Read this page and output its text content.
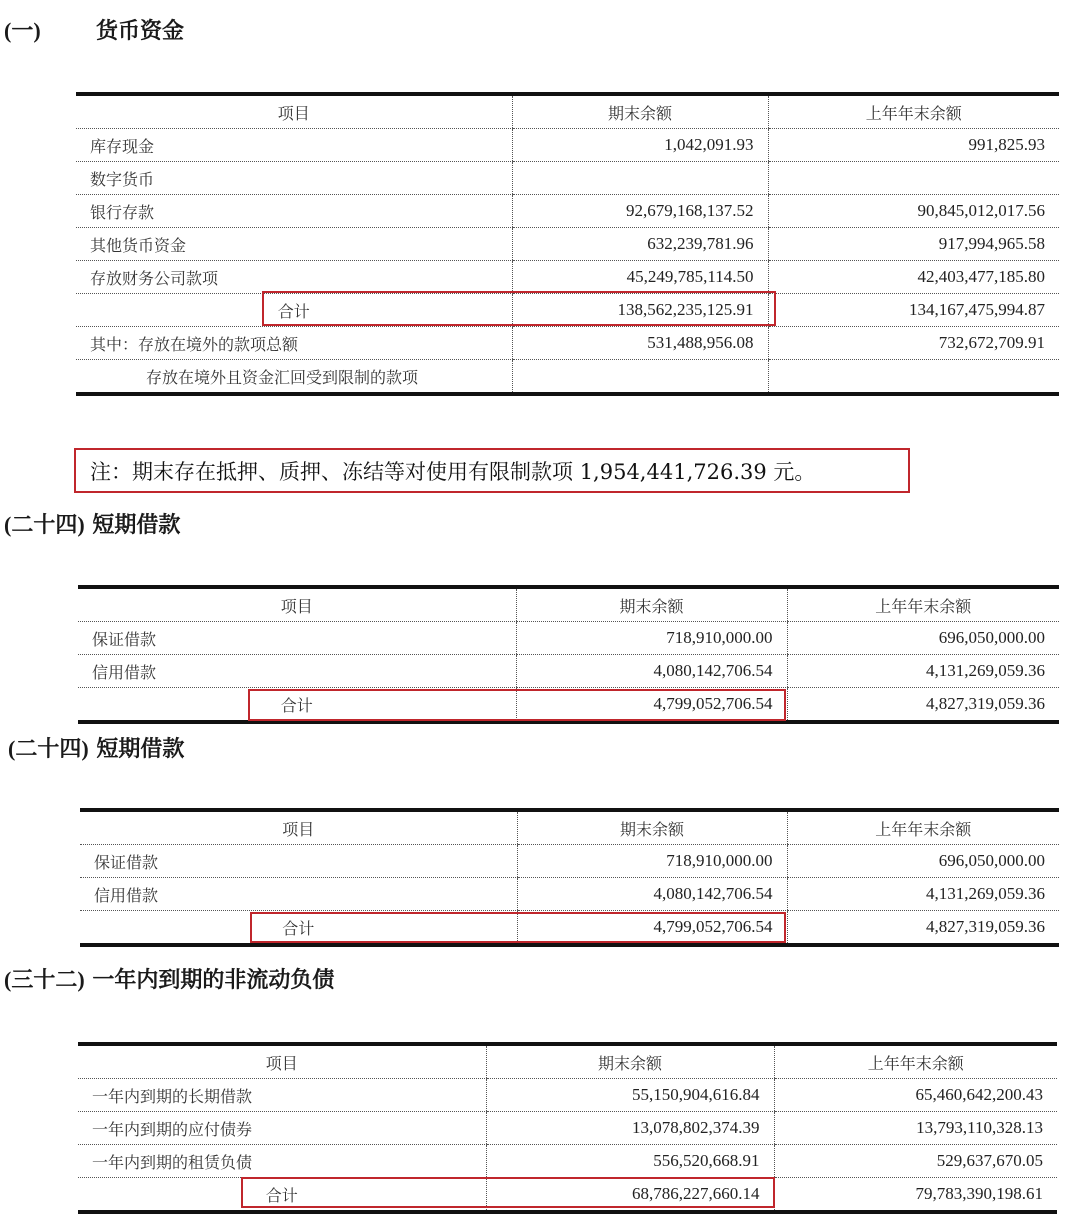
(一)	货币资金
项目	期末余额	上年年末余额
库存现金	1,042,091.93	991,825.93
数字货币		
银行存款	92,679,168,137.52	90,845,012,017.56
其他货币资金	632,239,781.96	917,994,965.58
存放财务公司款项	45,249,785,114.50	42,403,477,185.80
合计	138,562,235,125.91	134,167,475,994.87
其中：存放在境外的款项总额	531,488,956.08	732,672,709.91
存放在境外且资金汇回受到限制的款项		
注：期末存在抵押、质押、冻结等对使用有限制款项 1,954,441,726.39 元。
(二十四) 短期借款
项目	期末余额	上年年末余额
保证借款	718,910,000.00	696,050,000.00
信用借款	4,080,142,706.54	4,131,269,059.36
合计	4,799,052,706.54	4,827,319,059.36
(二十四) 短期借款
项目	期末余额	上年年末余额
保证借款	718,910,000.00	696,050,000.00
信用借款	4,080,142,706.54	4,131,269,059.36
合计	4,799,052,706.54	4,827,319,059.36
(三十二) 一年内到期的非流动负债
项目	期末余额	上年年末余额
一年内到期的长期借款	55,150,904,616.84	65,460,642,200.43
一年内到期的应付债券	13,078,802,374.39	13,793,110,328.13
一年内到期的租赁负债	556,520,668.91	529,637,670.05
合计	68,786,227,660.14	79,783,390,198.61
